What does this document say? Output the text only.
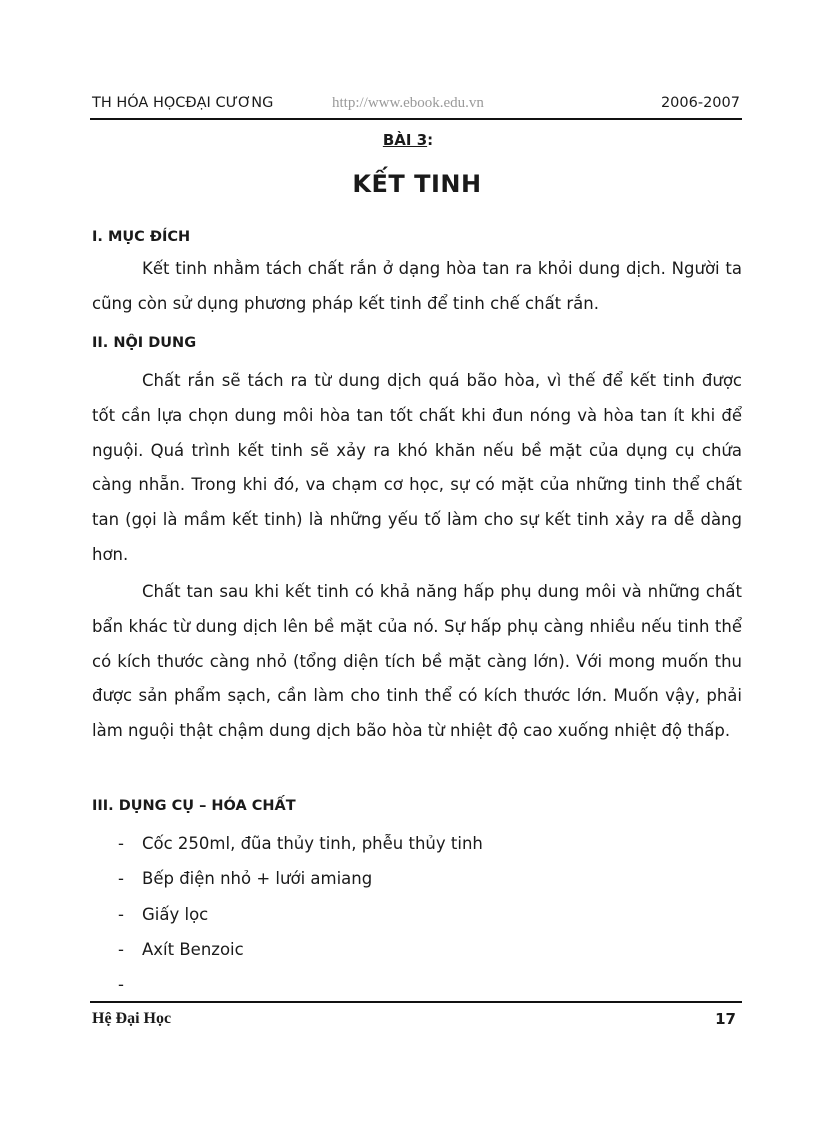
TH HÓA HỌCĐẠI CƯƠNG	http://www.ebook.edu.vn	2006-2007
BÀI 3:
KẾT TINH
I. MỤC ĐÍCH

Kết tinh nhằm tách chất rắn ở dạng hòa tan ra khỏi dung dịch. Người ta cũng còn sử dụng phương pháp kết tinh để tinh chế chất rắn.

II. NỘI DUNG

Chất rắn sẽ tách ra từ dung dịch quá bão hòa, vì thế để kết tinh được tốt cần lựa chọn dung môi hòa tan tốt chất khi đun nóng và hòa tan ít khi để nguội. Quá trình kết tinh sẽ xảy ra khó khăn nếu bề mặt của dụng cụ chứa càng nhẵn. Trong khi đó, va chạm cơ học, sự có mặt của những tinh thể chất tan (gọi là mầm kết tinh) là những yếu tố làm cho sự kết tinh xảy ra dễ dàng hơn.

Chất tan sau khi kết tinh có khả năng hấp phụ dung môi và những chất bẩn khác từ dung dịch lên bề mặt của nó. Sự hấp phụ càng nhiều nếu tinh thể có kích thước càng nhỏ (tổng diện tích bề mặt càng lớn). Với mong muốn thu được sản phẩm sạch, cần làm cho tinh thể có kích thước lớn. Muốn vậy, phải làm nguội thật chậm dung dịch bão hòa từ nhiệt độ cao xuống nhiệt độ thấp.

III. DỤNG CỤ – HÓA CHẤT
- Cốc 250ml, đũa thủy tinh, phễu thủy tinh
- Bếp điện nhỏ + lưới amiang
- Giấy lọc
- Axít Benzoic
-
Hệ Đại Học	17
